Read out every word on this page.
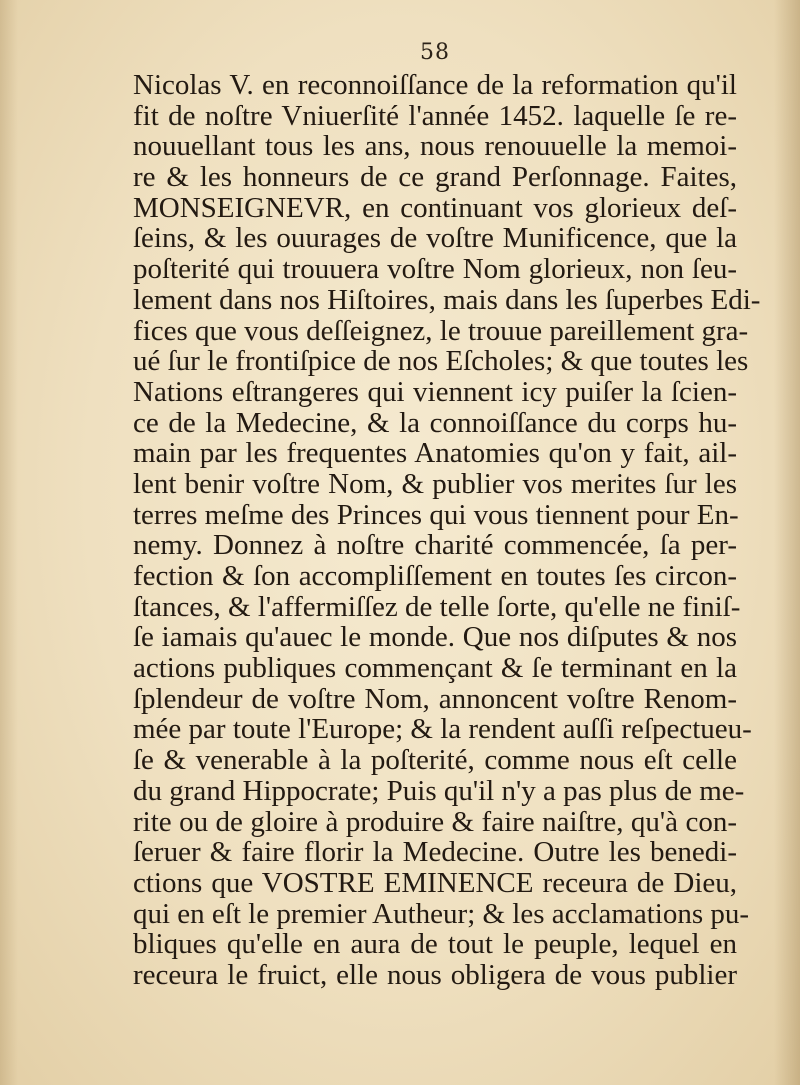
58
Nicolas V. en reconnoiſſance de la reformation qu'il
fit de noſtre Vniuerſité l'année 1452. laquelle ſe re-
nouuellant tous les ans, nous renouuelle la memoi-
re & les honneurs de ce grand Perſonnage. Faites,
MONSEIGNEVR, en continuant vos glorieux deſ-
ſeins, & les ouurages de voſtre Munificence, que la
poſterité qui trouuera voſtre Nom glorieux, non ſeu-
lement dans nos Hiſtoires, mais dans les ſuperbes Edi-
fices que vous deſſeignez, le trouue pareillement gra-
ué ſur le frontiſpice de nos Eſcholes; & que toutes les
Nations eſtrangeres qui viennent icy puiſer la ſcien-
ce de la Medecine, & la connoiſſance du corps hu-
main par les frequentes Anatomies qu'on y fait, ail-
lent benir voſtre Nom, & publier vos merites ſur les
terres meſme des Princes qui vous tiennent pour En-
nemy. Donnez à noſtre charité commencée, ſa per-
fection & ſon accompliſſement en toutes ſes circon-
ſtances, & l'affermiſſez de telle ſorte, qu'elle ne finiſ-
ſe iamais qu'auec le monde. Que nos diſputes & nos
actions publiques commençant & ſe terminant en la
ſplendeur de voſtre Nom, annoncent voſtre Renom-
mée par toute l'Europe; & la rendent auſſi reſpectueu-
ſe & venerable à la poſterité, comme nous eſt celle
du grand Hippocrate; Puis qu'il n'y a pas plus de me-
rite ou de gloire à produire & faire naiſtre, qu'à con-
ſeruer & faire florir la Medecine. Outre les benedi-
ctions que VOSTRE EMINENCE receura de Dieu,
qui en eſt le premier Autheur; & les acclamations pu-
bliques qu'elle en aura de tout le peuple, lequel en
receura le fruict, elle nous obligera de vous publier
